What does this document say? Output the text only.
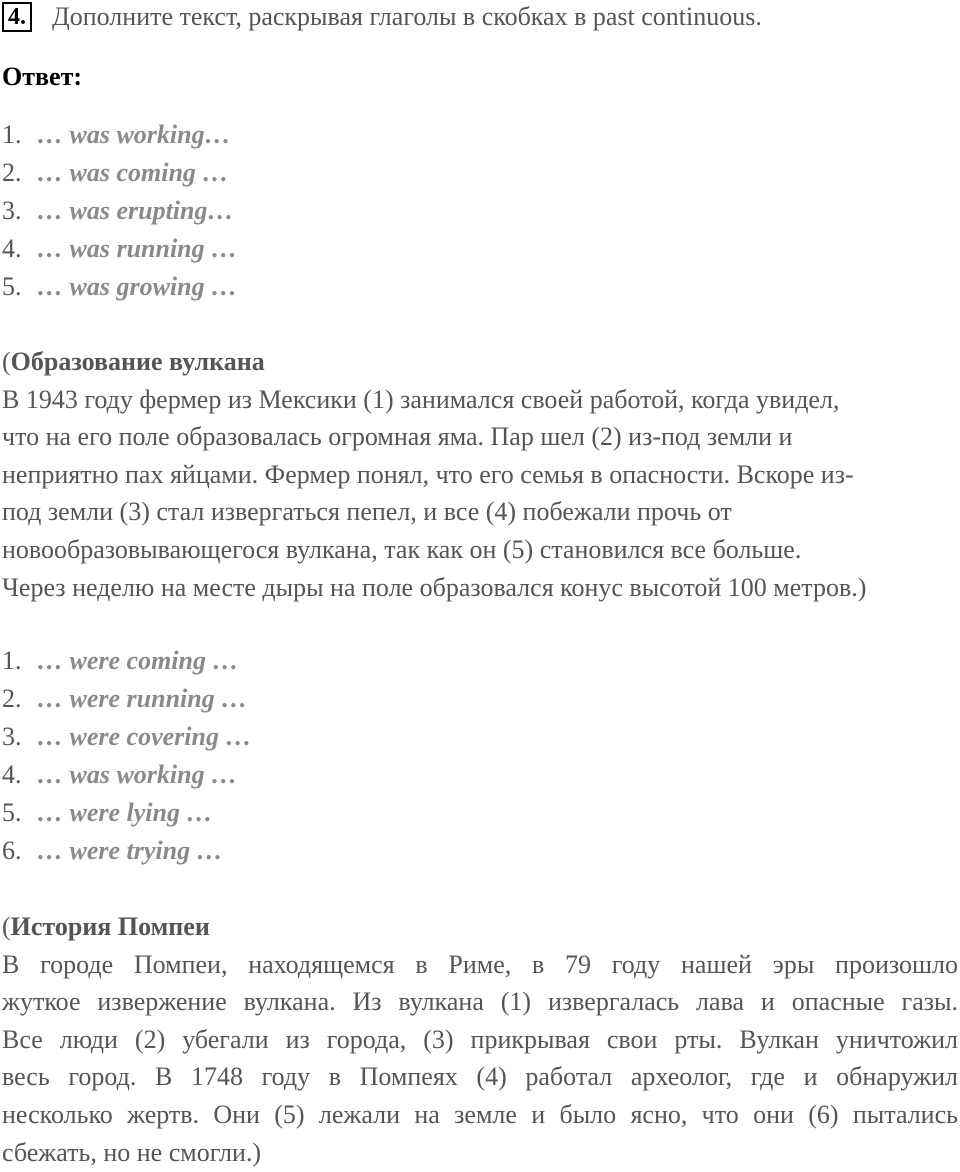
4. Дополните текст, раскрывая глаголы в скобках в past continuous.
Ответ:
1. … was working…
2. … was coming …
3. … was erupting…
4. … was running …
5. … was growing …
(Образование вулкана
В 1943 году фермер из Мексики (1) занимался своей работой, когда увидел,
что на его поле образовалась огромная яма. Пар шел (2) из-под земли и
неприятно пах яйцами. Фермер понял, что его семья в опасности. Вскоре из-
под земли (3) стал извергаться пепел, и все (4) побежали прочь от
новообразовывающегося вулкана, так как он (5) становился все больше.
Через неделю на месте дыры на поле образовался конус высотой 100 метров.)
1. … were coming …
2. … were running …
3. … were covering …
4. … was working …
5. … were lying …
6. … were trying …
(История Помпеи
В городе Помпеи, находящемся в Риме, в 79 году нашей эры произошло
жуткое извержение вулкана. Из вулкана (1) извергалась лава и опасные газы.
Все люди (2) убегали из города, (3) прикрывая свои рты. Вулкан уничтожил
весь город. В 1748 году в Помпеях (4) работал археолог, где и обнаружил
несколько жертв. Они (5) лежали на земле и было ясно, что они (6) пытались
сбежать, но не смогли.)
